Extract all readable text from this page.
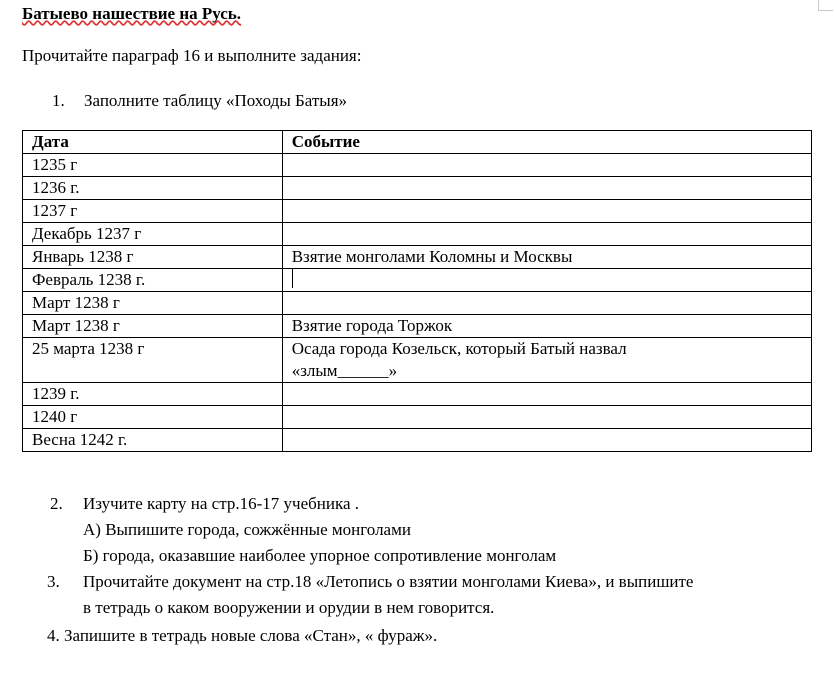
Батыево нашествие на Русь.
Прочитайте параграф 16 и выполните задания:
1. Заполните таблицу «Походы Батыя»
Дата	Событие
1235 г	
1236 г.	
1237 г	
Декабрь 1237 г	
Январь 1238 г	Взятие монголами Коломны и Москвы
Февраль 1238 г.	
Март 1238 г	
Март 1238 г	Взятие города Торжок
25 марта 1238 г	Осада города Козельск, который Батый назвал
«злым______»

1239 г.	
1240 г	
Весна 1242 г.	
2. Изучите карту на стр.16-17 учебника .
А) Выпишите города, сожжённые монголами
Б) города, оказавшие наиболее упорное сопротивление монголам
3. Прочитайте документ на стр.18 «Летопись о взятии монголами Киева», и выпишите
в тетрадь о каком вооружении и орудии в нем говорится.
4. Запишите в тетрадь новые слова «Стан», « фураж».
